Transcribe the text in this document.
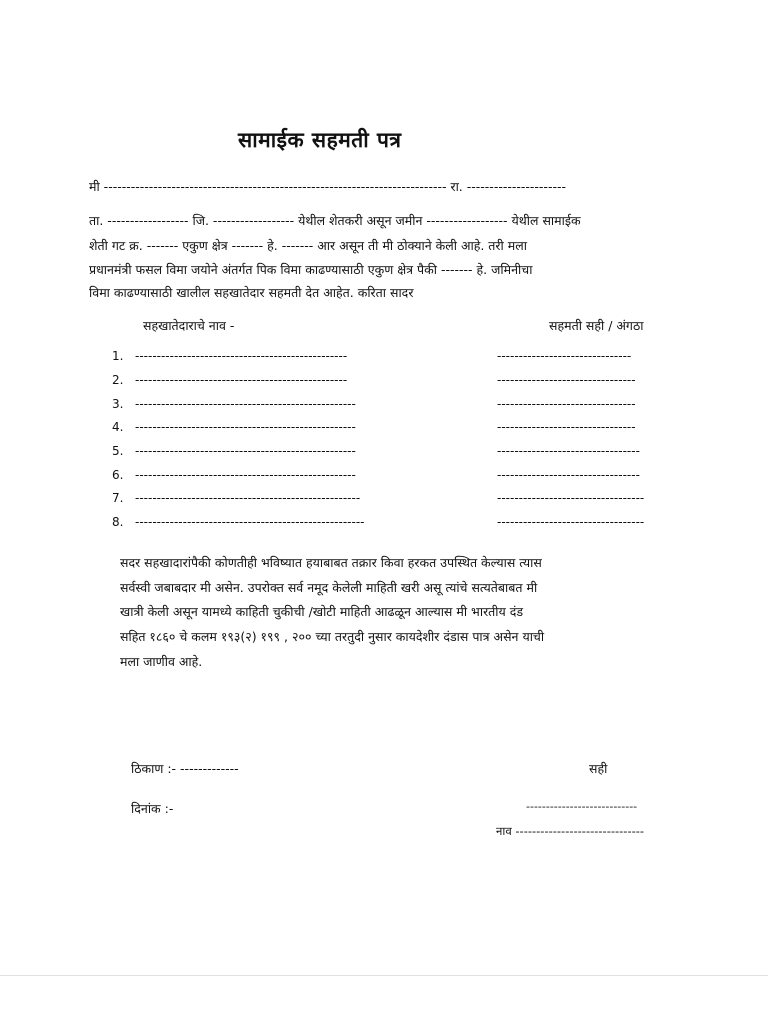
सामाईक सहमती पत्र
मी ---------------------------------------------------------------------------- रा. ----------------------
ता. ------------------ जि. ------------------ येथील शेतकरी असून जमीन ------------------ येथील सामाईक
शेती गट क्र. ------- एकुण क्षेत्र ------- हे. ------- आर असून ती मी ठोक्याने केली आहे. तरी मला
प्रधानमंत्री फसल विमा जयोने अंतर्गत पिक विमा काढण्यासाठी एकुण क्षेत्र पैकी ------- हे. जमिनीचा
विमा काढण्यासाठी खालील सहखातेदार सहमती देत आहेत. करिता सादर
सहखातेदाराचे नाव -	सहमती सही / अंगठा
1. -------------------------------------------------	-------------------------------
2. -------------------------------------------------	--------------------------------
3. ---------------------------------------------------	--------------------------------
4. ---------------------------------------------------	--------------------------------
5. ---------------------------------------------------	---------------------------------
6. ---------------------------------------------------	---------------------------------
7. ----------------------------------------------------	----------------------------------
8. -----------------------------------------------------	----------------------------------
सदर सहखादारांपैकी कोणतीही भविष्यात हयाबाबत तक्रार किवा हरकत उपस्थित केल्यास त्यास
सर्वस्वी जबाबदार मी असेन. उपरोक्त सर्व नमूद केलेली माहिती खरी असू त्यांचे सत्यतेबाबत मी
खात्री केली असून यामध्ये काहिती चुकीची /खोटी माहिती आढळून आल्यास मी भारतीय दंड
सहित १८६० चे कलम १९३(२) १९९ , २०० च्या तरतुदी नुसार कायदेशीर दंडास पात्र असेन याची
मला जाणीव आहे.
ठिकाण :- -------------	सही
दिनांक :-	----------------------------
नाव -------------------------------
